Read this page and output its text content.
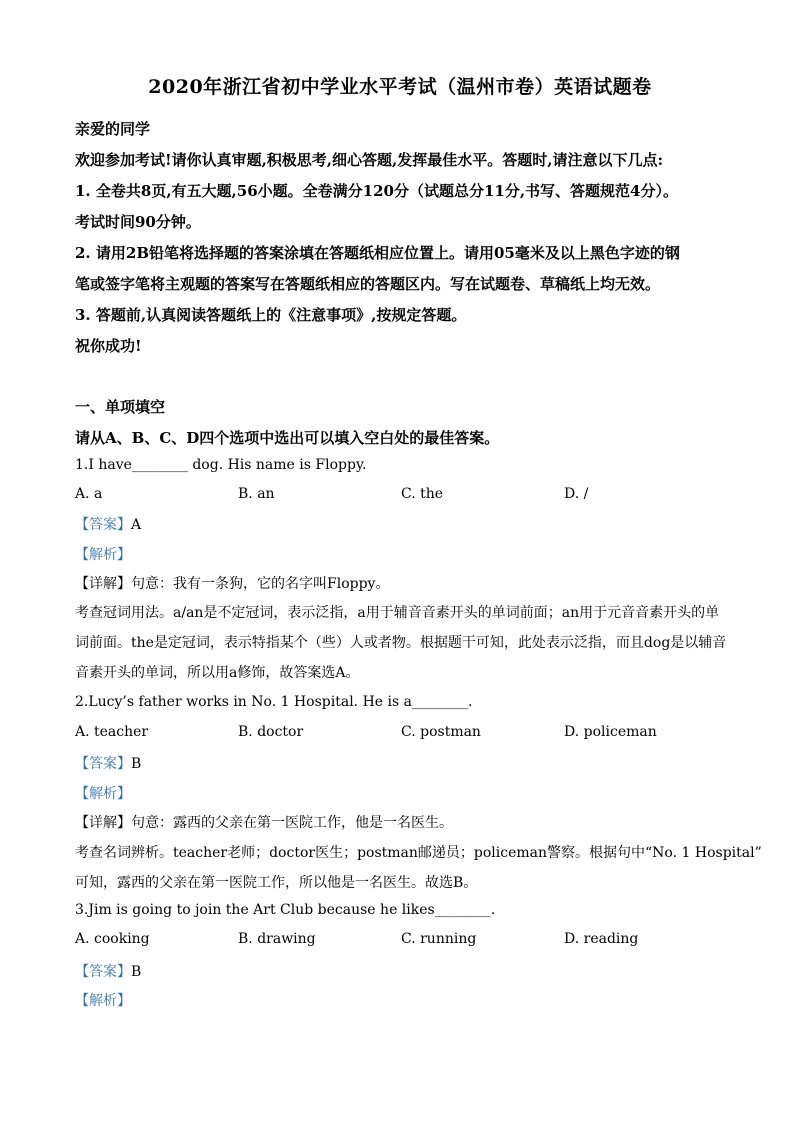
2020年浙江省初中学业水平考试（温州市卷）英语试题卷
亲爱的同学
欢迎参加考试!请你认真审题,积极思考,细心答题,发挥最佳水平。答题时,请注意以下几点:
1. 全卷共8页,有五大题,56小题。全卷满分120分（试题总分11分,书写、答题规范4分）。
考试时间90分钟。
2. 请用2B铅笔将选择题的答案涂填在答题纸相应位置上。请用05毫米及以上黑色字迹的钢
笔或签字笔将主观题的答案写在答题纸相应的答题区内。写在试题卷、草稿纸上均无效。
3. 答题前,认真阅读答题纸上的《注意事项》,按规定答题。
祝你成功!
一、单项填空
请从A、B、C、D四个选项中选出可以填入空白处的最佳答案。
1.I have________ dog. His name is Floppy.
A. a	B. an	C. the	D. /
【答案】A
【解析】
【详解】句意：我有一条狗，它的名字叫Floppy。
考查冠词用法。a/an是不定冠词，表示泛指，a用于辅音音素开头的单词前面；an用于元音音素开头的单
词前面。the是定冠词，表示特指某个（些）人或者物。根据题干可知，此处表示泛指，而且dog是以辅音
音素开头的单词，所以用a修饰，故答案选A。
2.Lucy’s father works in No. 1 Hospital. He is a________.
A. teacher	B. doctor	C. postman	D. policeman
【答案】B
【解析】
【详解】句意：露西的父亲在第一医院工作，他是一名医生。
考查名词辨析。teacher老师；doctor医生；postman邮递员；policeman警察。根据句中“No. 1 Hospital”
可知，露西的父亲在第一医院工作，所以他是一名医生。故选B。
3.Jim is going to join the Art Club because he likes________.
A. cooking	B. drawing	C. running	D. reading
【答案】B
【解析】
